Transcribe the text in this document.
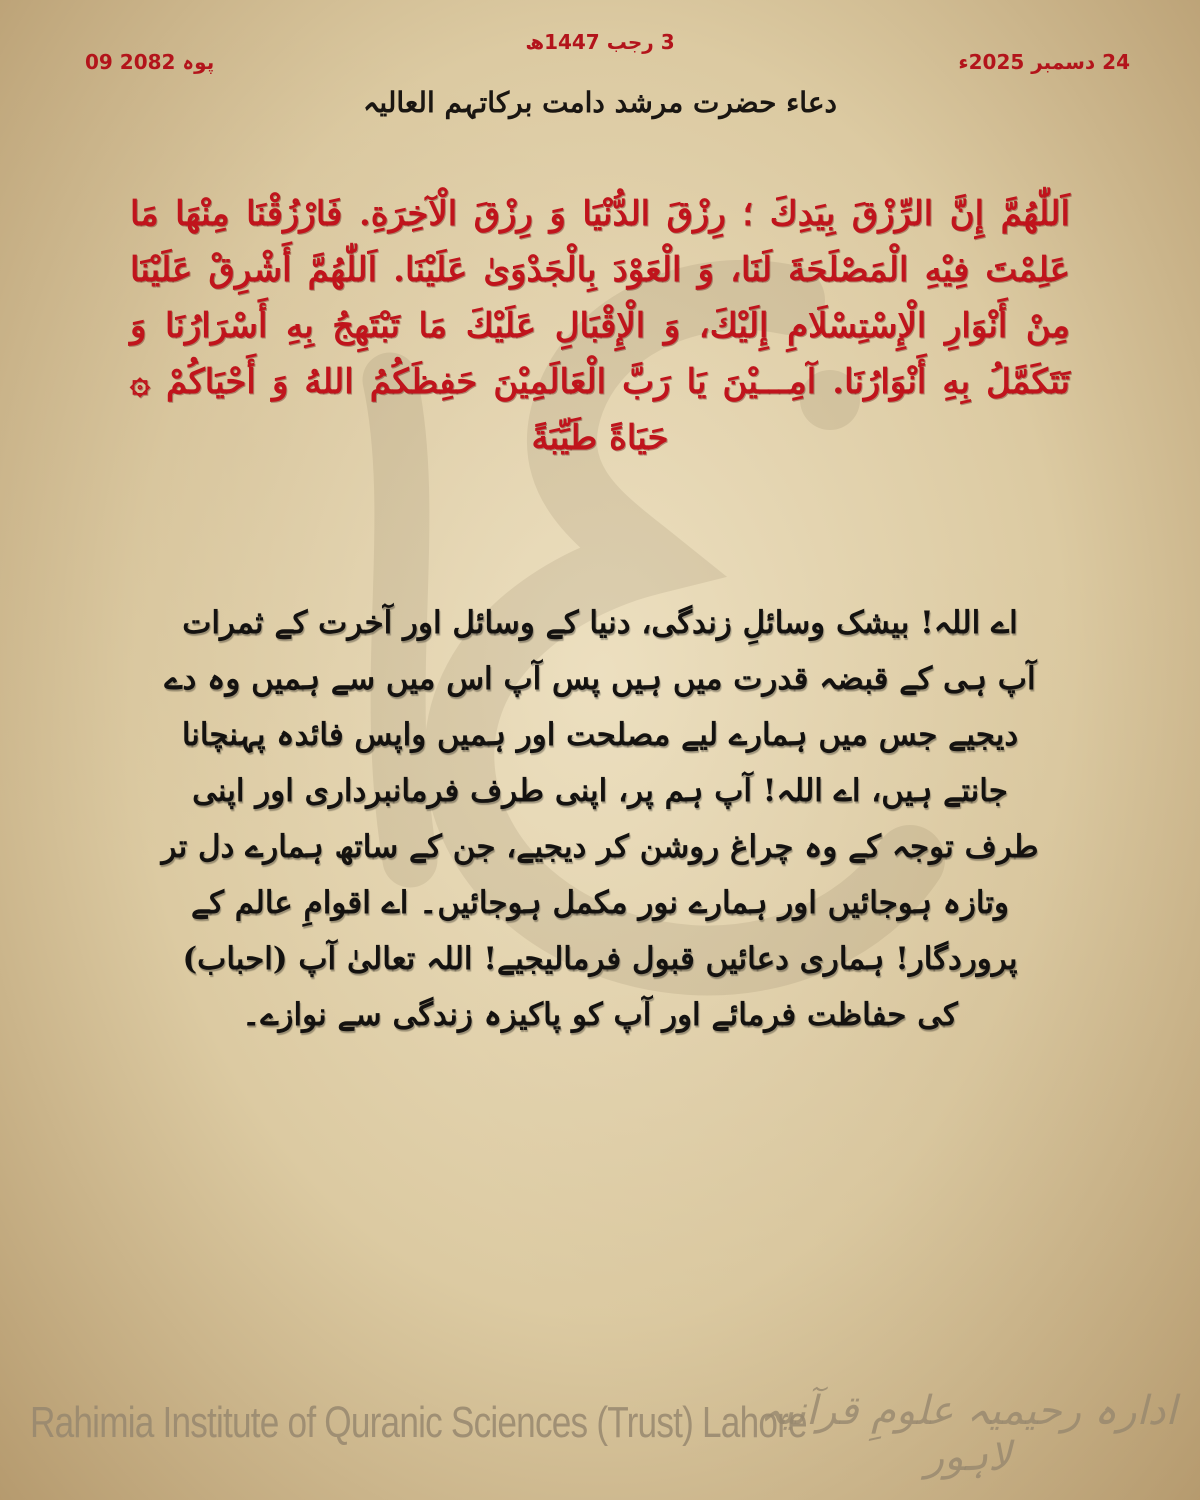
24 دسمبر 2025ء
3 رجب 1447ھ
09 پوہ 2082
دعاء حضرت مرشد دامت برکاتہم العالیہ
اَللّٰهُمَّ إِنَّ الرِّزْقَ بِيَدِكَ ؛ رِزْقَ الدُّنْيَا وَ رِزْقَ الْآخِرَةِ. فَارْزُقْنَا مِنْهَا مَا عَلِمْتَ فِيْهِ الْمَصْلَحَةَ لَنَا، وَ الْعَوْدَ بِالْجَدْوَىٰ عَلَيْنَا. اَللّٰهُمَّ أَشْرِقْ عَلَيْنَا مِنْ أَنْوَارِ الْإِسْتِسْلَامِ إِلَيْكَ، وَ الْإِقْبَالِ عَلَيْكَ مَا تَبْتَهِجُ بِهِ أَسْرَارُنَا وَ تَتَكَمَّلُ بِهِ أَنْوَارُنَا. آمِـــيْنَ يَا رَبَّ الْعَالَمِيْنَ حَفِظَكُمُ اللهُ وَ أَحْيَاكُمْ ۞ حَيَاةً طَيِّبَةً
اے اللہ! بیشک وسائلِ زندگی، دنیا کے وسائل اور آخرت کے ثمرات آپ ہی کے قبضہ قدرت میں ہیں پس آپ اس میں سے ہمیں وہ دے دیجیے جس میں ہمارے لیے مصلحت اور ہمیں واپس فائدہ پہنچانا جانتے ہیں، اے اللہ! آپ ہم پر، اپنی طرف فرمانبرداری اور اپنی طرف توجہ کے وہ چراغ روشن کر دیجیے، جن کے ساتھ ہمارے دل تر وتازہ ہوجائیں اور ہمارے نور مکمل ہوجائیں۔ اے اقوامِ عالم کے پروردگار! ہماری دعائیں قبول فرمالیجیے! اللہ تعالیٰ آپ (احباب) کی حفاظت فرمائے اور آپ کو پاکیزہ زندگی سے نوازے۔
Rahimia Institute of Quranic Sciences (Trust) Lahore
ادارہ رحیمیہ علومِ قرآنیہ لاہور
